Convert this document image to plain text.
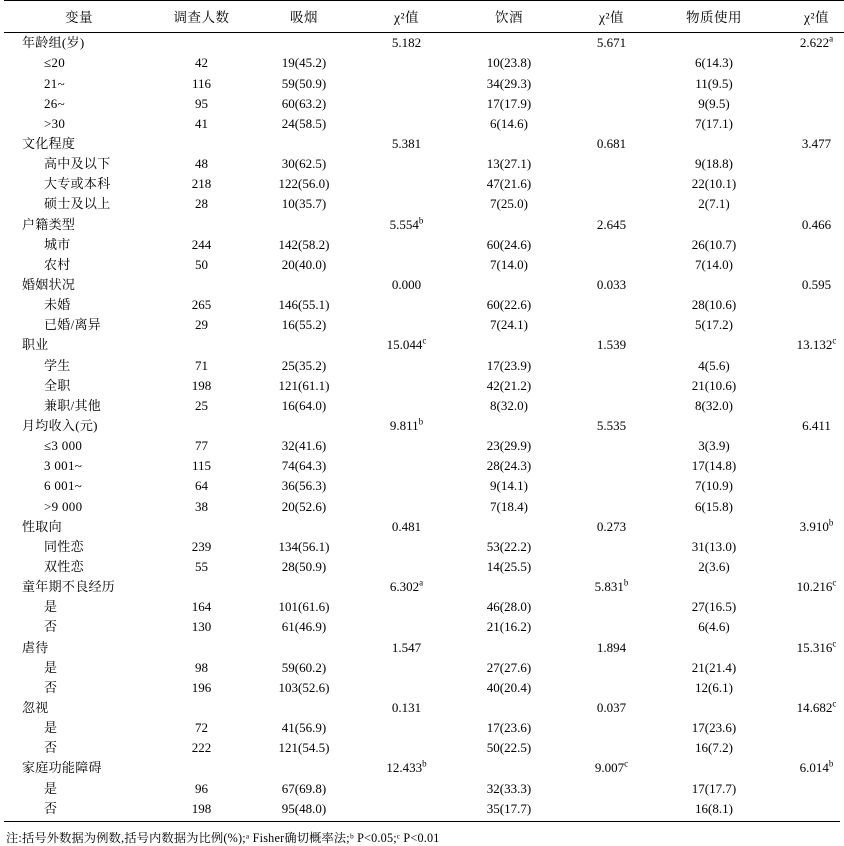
变量	调查人数	吸烟	χ²值	饮酒	χ²值	物质使用	χ²值
年龄组(岁)			5.182		5.671		2.622$^a$
≤20	42	19(45.2)		10(23.8)		6(14.3)	
21~	116	59(50.9)		34(29.3)		11(9.5)	
26~	95	60(63.2)		17(17.9)		9(9.5)	
>30	41	24(58.5)		6(14.6)		7(17.1)	
文化程度			5.381		0.681		3.477
高中及以下	48	30(62.5)		13(27.1)		9(18.8)	
大专或本科	218	122(56.0)		47(21.6)		22(10.1)	
硕士及以上	28	10(35.7)		7(25.0)		2(7.1)	
户籍类型			5.554$^b$		2.645		0.466
城市	244	142(58.2)		60(24.6)		26(10.7)	
农村	50	20(40.0)		7(14.0)		7(14.0)	
婚姻状况			0.000		0.033		0.595
未婚	265	146(55.1)		60(22.6)		28(10.6)	
已婚/离异	29	16(55.2)		7(24.1)		5(17.2)	
职业			15.044$^c$		1.539		13.132$^c$
学生	71	25(35.2)		17(23.9)		4(5.6)	
全职	198	121(61.1)		42(21.2)		21(10.6)	
兼职/其他	25	16(64.0)		8(32.0)		8(32.0)	
月均收入(元)			9.811$^b$		5.535		6.411
≤3 000	77	32(41.6)		23(29.9)		3(3.9)	
3 001~	115	74(64.3)		28(24.3)		17(14.8)	
6 001~	64	36(56.3)		9(14.1)		7(10.9)	
>9 000	38	20(52.6)		7(18.4)		6(15.8)	
性取向			0.481		0.273		3.910$^b$
同性恋	239	134(56.1)		53(22.2)		31(13.0)	
双性恋	55	28(50.9)		14(25.5)		2(3.6)	
童年期不良经历			6.302$^a$		5.831$^b$		10.216$^c$
是	164	101(61.6)		46(28.0)		27(16.5)	
否	130	61(46.9)		21(16.2)		6(4.6)	
虐待			1.547		1.894		15.316$^c$
是	98	59(60.2)		27(27.6)		21(21.4)	
否	196	103(52.6)		40(20.4)		12(6.1)	
忽视			0.131		0.037		14.682$^c$
是	72	41(56.9)		17(23.6)		17(23.6)	
否	222	121(54.5)		50(22.5)		16(7.2)	
家庭功能障碍			12.433$^b$		9.007$^c$		6.014$^b$
是	96	67(69.8)		32(33.3)		17(17.7)	
否	198	95(48.0)		35(17.7)		16(8.1)	
注:括号外数据为例数,括号内数据为比例(%);ᵃ Fisher确切概率法;ᵇ P<0.05;ᶜ P<0.01
